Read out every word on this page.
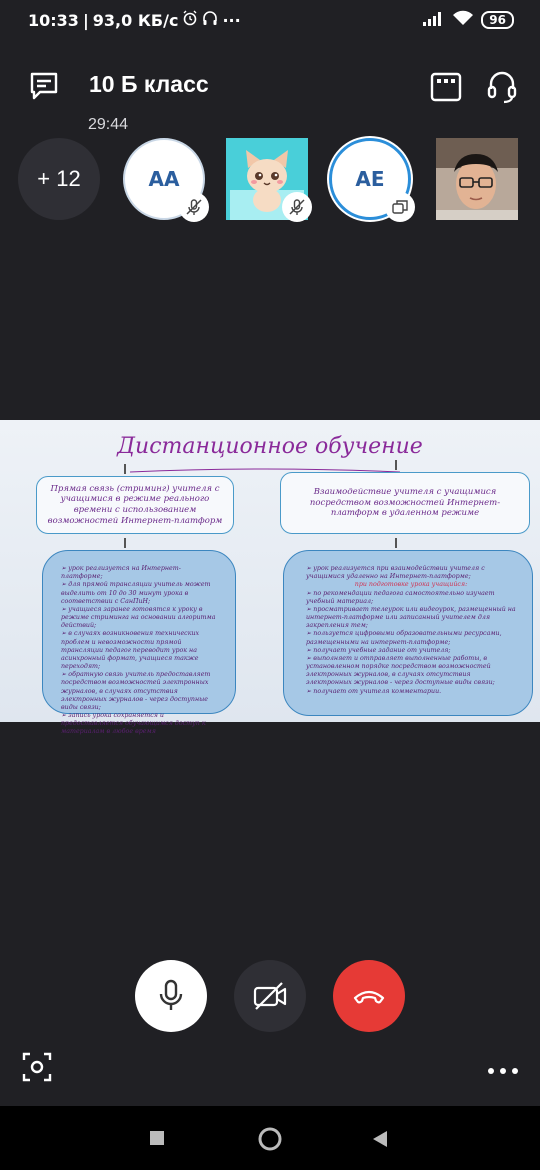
10:33 | 93,0 КБ/с	···	96
10 Б класс
29:44
+ 12	AA	AE
Дистанционное обучение
Прямая связь (стриминг) учителя с учащимися в режиме реального времени с использованием возможностей Интернет-платформ
Взаимодействие учителя с учащимися посредством возможностей Интернет- платформ в удаленном режиме
➢ урок реализуется на Интернет-платформе;
➢ для прямой трансляции учитель может выделить от 10 до 30 минут урока в соответствии с СанПиН;
➢ учащиеся заранее готовятся к уроку в режиме стриминга на основании алгоритма действий;
➢ в случаях возникновения технических проблем и невозможности прямой трансляции педагог переводит урок на асинхронный формат, учащиеся также переходят;
➢ обратную связь учитель предоставляет посредством возможностей электронных журналов, в случаях отсутствия электронных журналов - через доступные виды связи;
➢ запись урока сохраняется и предоставляется обучающимся доступ к материалам в любое время
➢ урок реализуется при взаимодействии учителя с учащимися удаленно на Интернет-платформе;
при подготовке урока учащийся:
➢ по рекомендации педагога самостоятельно изучает учебный материал;
➢ просматривает телеурок или видеоурок, размещенный на интернет-платформе или записанный учителем для закрепления тем;
➢ пользуется цифровыми образовательными ресурсами, размещенными на интернет-платформе;
➢ получает учебные задание от учителя;
➢ выполняет и отправляет выполненные работы, в установленном порядке посредством возможностей электронных журналов, в случаях отсутствия электронных журналов - через доступные виды связи;
➢ получает от учителя комментарии.
